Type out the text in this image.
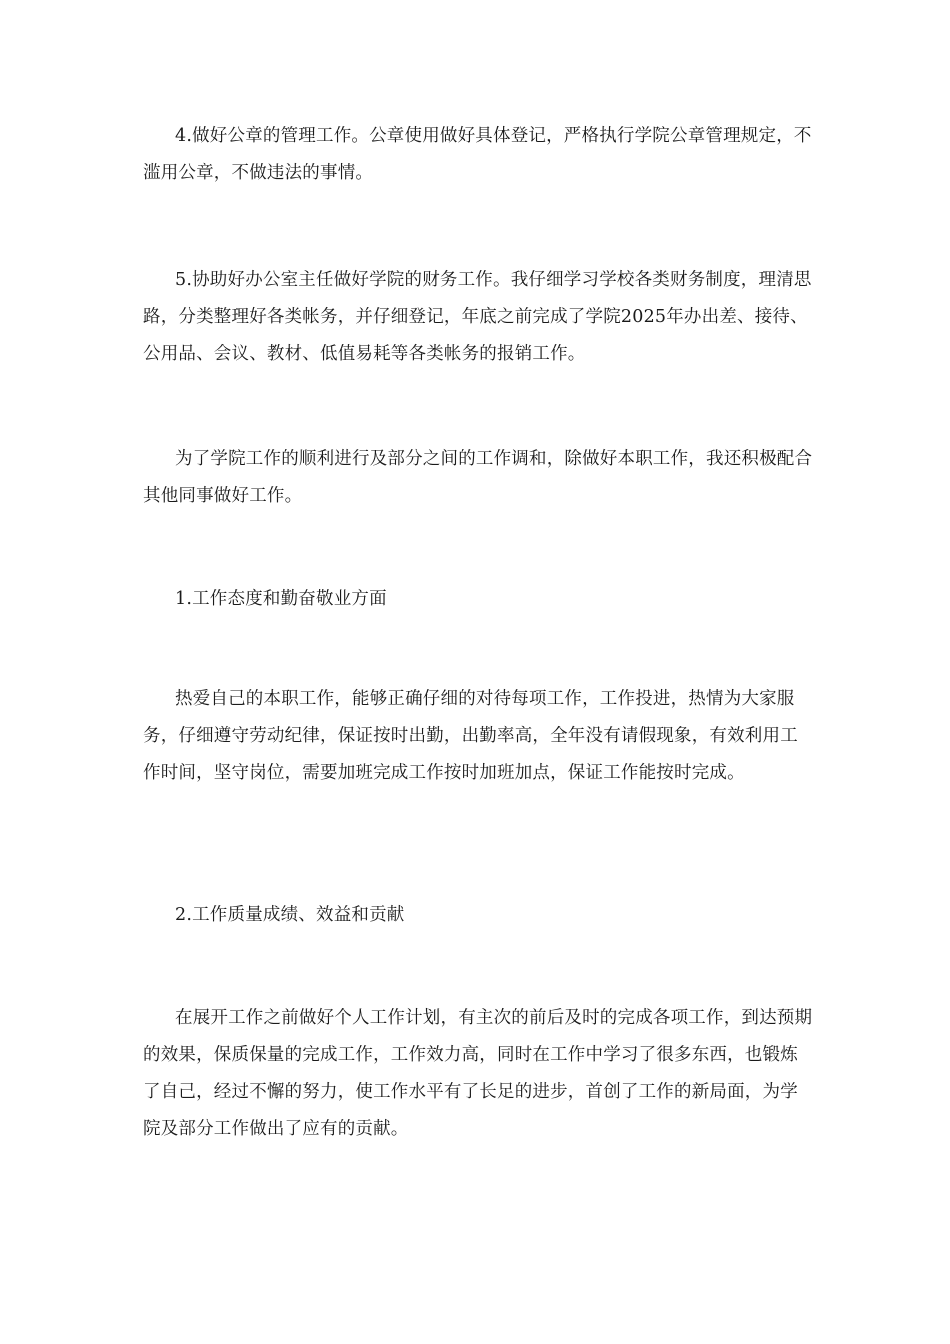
4.做好公章的管理工作。公章使用做好具体登记，严格执行学院公章管理规定，不滥用公章，不做违法的事情。

5.协助好办公室主任做好学院的财务工作。我仔细学习学校各类财务制度，理清思路，分类整理好各类帐务，并仔细登记，年底之前完成了学院2025年办出差、接待、公用品、会议、教材、低值易耗等各类帐务的报销工作。

为了学院工作的顺利进行及部分之间的工作调和，除做好本职工作，我还积极配合其他同事做好工作。

1.工作态度和勤奋敬业方面

热爱自己的本职工作，能够正确仔细的对待每项工作，工作投进，热情为大家服务，仔细遵守劳动纪律，保证按时出勤，出勤率高，全年没有请假现象，有效利用工作时间，坚守岗位，需要加班完成工作按时加班加点，保证工作能按时完成。

2.工作质量成绩、效益和贡献

在展开工作之前做好个人工作计划，有主次的前后及时的完成各项工作，到达预期的效果，保质保量的完成工作，工作效力高，同时在工作中学习了很多东西，也锻炼了自己，经过不懈的努力，使工作水平有了长足的进步，首创了工作的新局面，为学院及部分工作做出了应有的贡献。
